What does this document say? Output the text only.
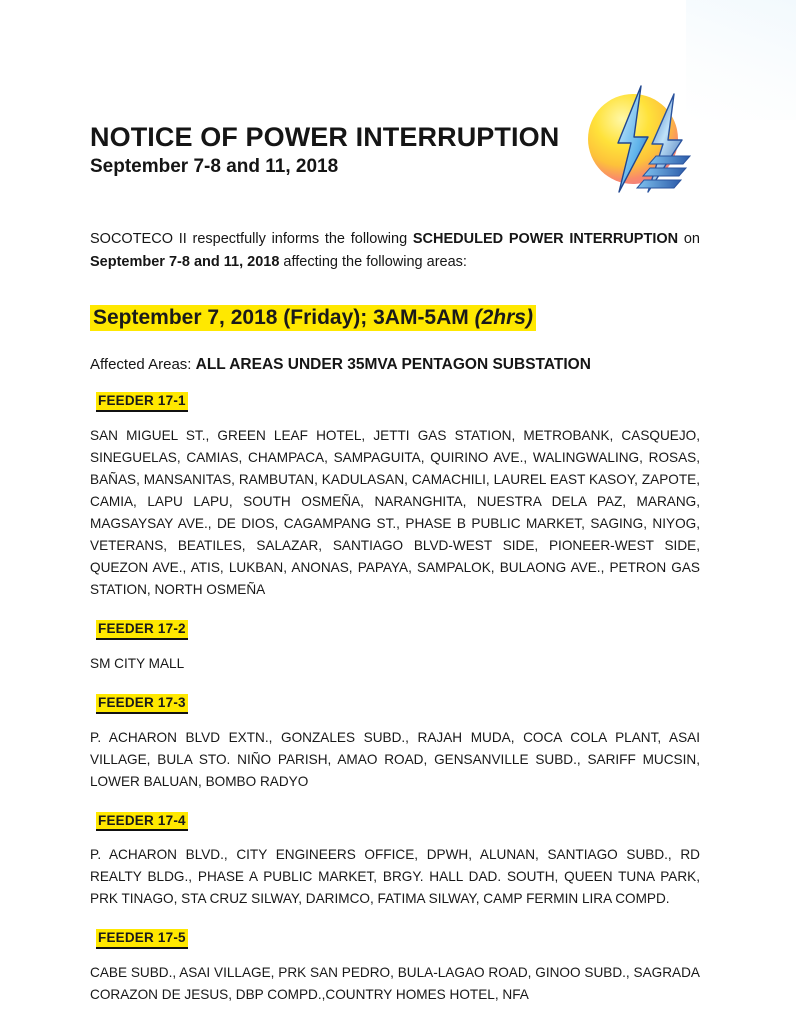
NOTICE OF POWER INTERRUPTION
September 7-8 and 11, 2018
SOCOTECO II respectfully informs the following SCHEDULED POWER INTERRUPTION on September 7-8 and 11, 2018 affecting the following areas:
September 7, 2018 (Friday); 3AM-5AM (2hrs)
Affected Areas: ALL AREAS UNDER 35MVA PENTAGON SUBSTATION
FEEDER 17-1
SAN MIGUEL ST., GREEN LEAF HOTEL, JETTI GAS STATION, METROBANK, CASQUEJO, SINEGUELAS, CAMIAS, CHAMPACA, SAMPAGUITA, QUIRINO AVE., WALINGWALING, ROSAS, BAÑAS, MANSANITAS, RAMBUTAN, KADULASAN, CAMACHILI, LAUREL EAST KASOY, ZAPOTE, CAMIA, LAPU LAPU, SOUTH OSMEÑA, NARANGHITA, NUESTRA DELA PAZ, MARANG, MAGSAYSAY AVE., DE DIOS, CAGAMPANG ST., PHASE B PUBLIC MARKET, SAGING, NIYOG, VETERANS, BEATILES, SALAZAR, SANTIAGO BLVD-WEST SIDE, PIONEER-WEST SIDE, QUEZON AVE., ATIS, LUKBAN, ANONAS, PAPAYA, SAMPALOK, BULAONG AVE., PETRON GAS STATION, NORTH OSMEÑA
FEEDER 17-2
SM CITY MALL
FEEDER 17-3
P. ACHARON BLVD EXTN., GONZALES SUBD., RAJAH MUDA, COCA COLA PLANT, ASAI VILLAGE, BULA STO. NIÑO PARISH, AMAO ROAD, GENSANVILLE SUBD., SARIFF MUCSIN, LOWER BALUAN, BOMBO RADYO
FEEDER 17-4
P. ACHARON BLVD., CITY ENGINEERS OFFICE, DPWH, ALUNAN, SANTIAGO SUBD., RD REALTY BLDG., PHASE A PUBLIC MARKET, BRGY. HALL DAD. SOUTH, QUEEN TUNA PARK, PRK TINAGO, STA CRUZ SILWAY, DARIMCO, FATIMA SILWAY, CAMP FERMIN LIRA COMPD.
FEEDER 17-5
CABE SUBD., ASAI VILLAGE, PRK SAN PEDRO, BULA-LAGAO ROAD, GINOO SUBD., SAGRADA CORAZON DE JESUS, DBP COMPD.,COUNTRY HOMES HOTEL, NFA
